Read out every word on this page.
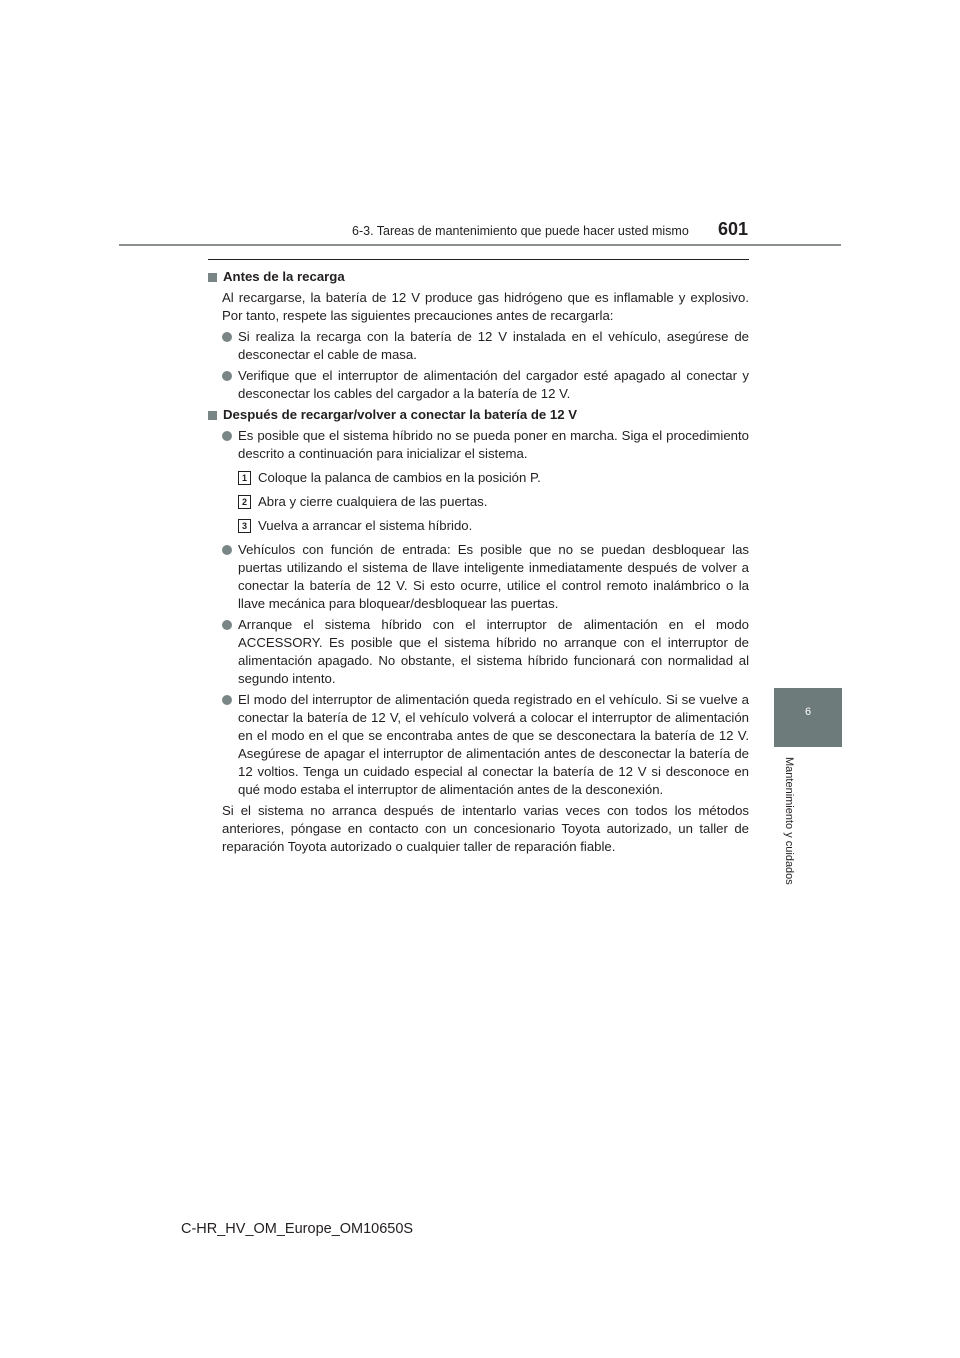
6-3. Tareas de mantenimiento que puede hacer usted mismo 601
6
Mantenimiento y cuidados
Antes de la recarga

Al recargarse, la batería de 12 V produce gas hidrógeno que es inflamable y explosivo. Por tanto, respete las siguientes precauciones antes de recargarla:

Si realiza la recarga con la batería de 12 V instalada en el vehículo, asegúrese de desconectar el cable de masa.
Verifique que el interruptor de alimentación del cargador esté apagado al conectar y desconectar los cables del cargador a la batería de 12 V.
Después de recargar/volver a conectar la batería de 12 V
Es posible que el sistema híbrido no se pueda poner en marcha. Siga el procedimiento descrito a continuación para inicializar el sistema.
1 Coloque la palanca de cambios en la posición P.
2 Abra y cierre cualquiera de las puertas.
3 Vuelva a arrancar el sistema híbrido.
Vehículos con función de entrada: Es posible que no se puedan desbloquear las puertas utilizando el sistema de llave inteligente inmediatamente después de volver a conectar la batería de 12 V. Si esto ocurre, utilice el control remoto inalámbrico o la llave mecánica para bloquear/desbloquear las puertas.
Arranque el sistema híbrido con el interruptor de alimentación en el modo ACCESSORY. Es posible que el sistema híbrido no arranque con el interruptor de alimentación apagado. No obstante, el sistema híbrido funcionará con normalidad al segundo intento.
El modo del interruptor de alimentación queda registrado en el vehículo. Si se vuelve a conectar la batería de 12 V, el vehículo volverá a colocar el interruptor de alimentación en el modo en el que se encontraba antes de que se desconectara la batería de 12 V. Asegúrese de apagar el interruptor de alimentación antes de desconectar la batería de 12 voltios. Tenga un cuidado especial al conectar la batería de 12 V si desconoce en qué modo estaba el interruptor de alimentación antes de la desconexión.

Si el sistema no arranca después de intentarlo varias veces con todos los métodos anteriores, póngase en contacto con un concesionario Toyota autorizado, un taller de reparación Toyota autorizado o cualquier taller de reparación fiable.

C-HR_HV_OM_Europe_OM10650S
